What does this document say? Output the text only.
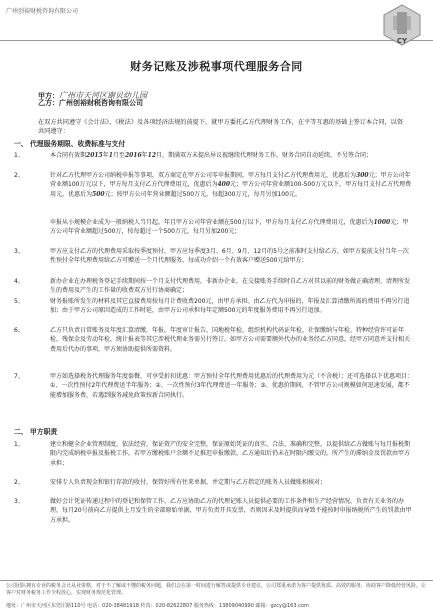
广州创裕财税咨询有限公司
CY
财务记账及涉税事项代理服务合同
甲方：广州市天河区谢贝幼儿园
乙方：广州创裕财税咨询有限公司
在双方共同遵守《会计法》、《税法》及各项经济法规的前提下，就甲方委托乙方代理财务工作，在平等互惠的基础上签订本合同，以资共同遵守：
一、 代理服务期限、收费标准与支付
1、	本合同有效期2015年1月至2016年12月，期满双方未提出异议视继续代理财务工作，财务合同自动延续，不另签合同；
2、	针对乙方代理甲方公司纳税申报等事项，双方商定在甲方公司零申报期间，甲方每月支付乙方代理费用元，优惠后为300元；甲方公司年营业额100万元以下，甲方每月支付乙方代理费用元，优惠后为400元；甲方公司年营业额100-500万元以下，甲方每月支付乙方代理费用元，优惠后为500元；按甲方公司年营业额超过500万元，每超300万元，每月另加100元。
申报从小规模企业成为一般纳税人当月起，年且甲方公司年营业额在500万以下，甲方每月支付乙方代理费用元，优惠后为1000元；甲方公司年营业额超过500万，按每超过一个500万元，每月另加200元；
3、	甲方应支付乙方的代理费用采取按季度预付，甲方应每季度3月、6月、9月、12月的5号之前准时支付给乙方，如甲方提前支付当年一次性预付全年代理费用给乙方可赠送一个月代理服务，每成功介绍一个有效客户赠送500元给甲方；
4、	新办企业在办理税务登记手续期间按一个月支付代理费用，非新办企业，在交接账务手续时自乙方对其以前的财务做正确清理，清理所发生的费用及产生的工作量的收费双方另行协商确定；
5、	财务报账所发生的材料及其它直接费用按每月计费收费200元，由甲方承担。由乙方代为申报的，年报及汇算清缴所需的费用不再另行追加；由于甲方公司原因造成的工作时延，由甲方公司承担每年定额500元的年度服务费用不再另行追加。
6、	乙方只负责日常账务及年度汇算清缴，年报，年度审计报告，国地税年检，组织机构代码证年检，社保缴纳与年检，特种经营许可证年检，残保金及劳动年检，统计报表等其它涉税代理业务需另行签订。如甲方公司需要额外代办的业务经乙方同意，经甲方同意并支付相关费用后代办的事项，甲方须协助提供所需资料。
7、	甲方如选择税务代理服务年度套餐，可享受折扣优惠：甲方预付全年代理费用优惠后的代理费用为元（不含税）；还可选择以下优惠项目：①、一次性预付2年代理费送半年服务；②、一次性预付3年代理费送一年服务；③、优惠价期间，不管甲方公司规模如何迅速发展，都不能增加服务费，若遇到服务减免政策按新合同执行。
二、 甲方职责
1、	建立和健全企业管理制度，依法经营，保证资产的安全完整，保证原始凭证的真实、合法、准确和完整，以提供给乙方做账与每月报税期限内完成纳税申报及报税工作，若甲方缴税账户余额不足推迟申报缴款，乙方通知后仍未在时限内缴交的，所产生的滞纳金及罚款由甲方承担；
2、	安排专人负责现金和银行存款的收付，保管好所有往来单据，并定期与乙方指定的账务人员做账相核对；
3、	做好会计凭证传递过程中的登记和保管工作，乙方应协助乙方的代理记账人员提供必要的工作条件和生产经营情况，负责有关业务的办理，每月20号前向乙方提供上月发生的全部原始单据，甲方负责开具发票，否则因未及时提供而导致不能按时申报纳税所产生的罚款由甲方承担。
公司团队拥有专业的税务会计从业资格，对于不了解或不懂的税务问题，我们会在第一时间进行解答或提供专业建议，公司郑重承诺为客户提供优质、高效的服务，协助客户降低经营风险，让客户对财务税务工作全程放心，实现财务规范化管理。
地址：广州市天河区东莞庄路110号 电话：020-38481918 传真：020-82622807 服务热线：13809040990 邮箱：gzcy@163.com
